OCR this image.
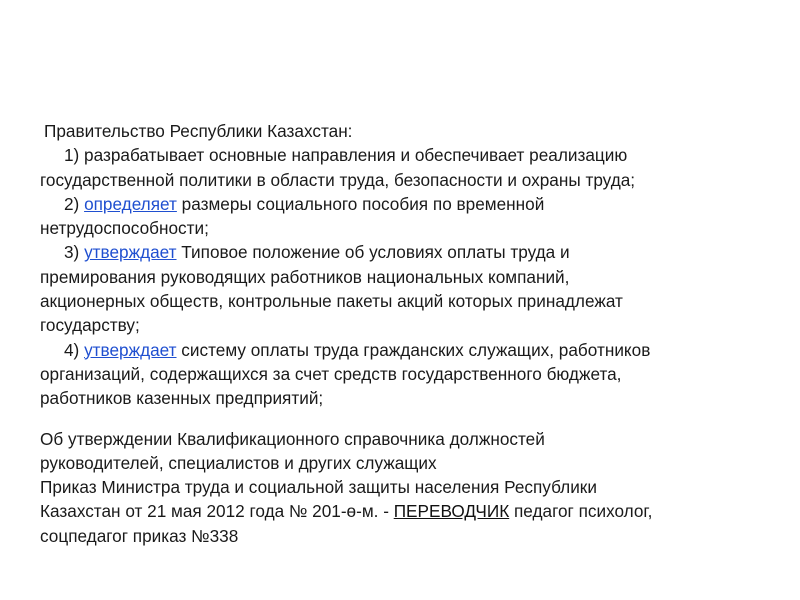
Правительство Республики Казахстан:
1) разрабатывает основные направления и обеспечивает реализацию
государственной политики в области труда, безопасности и охраны труда;
2) определяет размеры социального пособия по временной
нетрудоспособности;
3) утверждает Типовое положение об условиях оплаты труда и
премирования руководящих работников национальных компаний,
акционерных обществ, контрольные пакеты акций которых принадлежат
государству;
4) утверждает систему оплаты труда гражданских служащих, работников
организаций, содержащихся за счет средств государственного бюджета,
работников казенных предприятий;
Об утверждении Квалификационного справочника должностей
руководителей, специалистов и других служащих
Приказ Министра труда и социальной защиты населения Республики
Казахстан от 21 мая 2012 года № 201-ө-м. - ПЕРЕВОДЧИК педагог психолог,
соцпедагог приказ №338
